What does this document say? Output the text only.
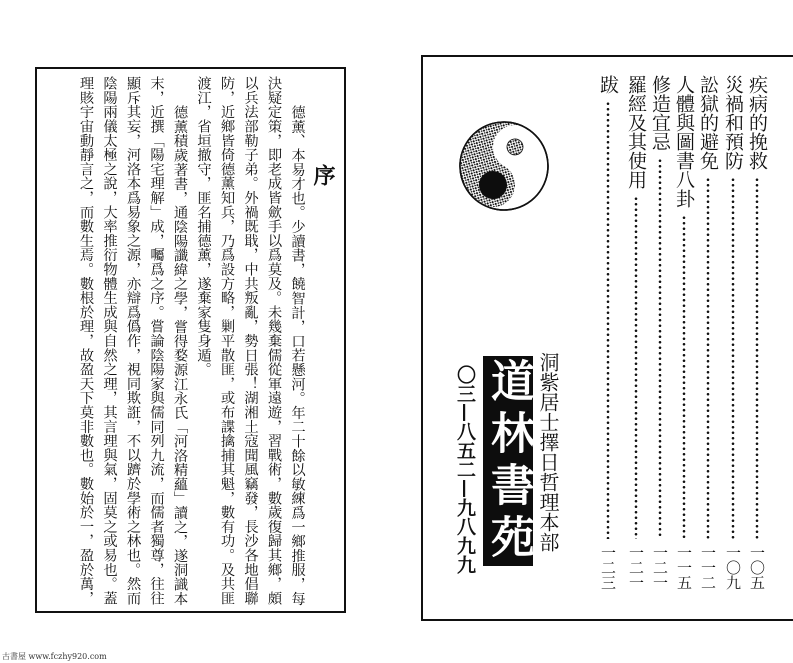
序
德薰、本易才也。少讀書，饒智計，口若懸河。年二十餘以敏練爲一鄉推服，每
決疑定策，即老成皆歛手以爲莫及。未幾棄儒從軍遠遊，習戰術，數歲復歸其鄉，頗
以兵法部勒子弟。外禍既戢，中共叛亂，勢日張！湖湘土寇聞風竊發，長沙各地倡聯
防，近鄉皆倚德薰知兵，乃爲設方略，剿平散匪，或布諜擒捕其魁，數有功。及共匪
渡江，省垣撤守，匪名捕德薰，遂棄家隻身遁。
德薰積歲著書，通陰陽讖緯之學，嘗得婺源江永氏「河洛精蘊」讀之，遂洞識本
末，近撰「陽宅理解」成，囑爲之序。嘗論陰陽家與儒同列九流，而儒者獨尊，往往
顯斥其妄，河洛本爲易象之源，亦辯爲僞作，視同欺誑，不以躋於學術之林也。然而
陰陽兩儀太極之說，大率推衍物體生成與自然之理，其言理與氣，固莫之或易也。蓋
理賅宇宙動靜言之，而數生焉。數根於理，故盈天下莫非數也。數始於一，盈於萬，	疾病的挽救
一〇五
災禍和預防
一〇九
訟獄的避免
一一二
人體與圖書八卦
一一五
修造宜忌
一二一
羅經及其使用
一二一
跋
一二三
洞紫居士擇日哲理本部
道林書苑
〇三—八五二—九八九九
古書屋 www.fczhy920.com
